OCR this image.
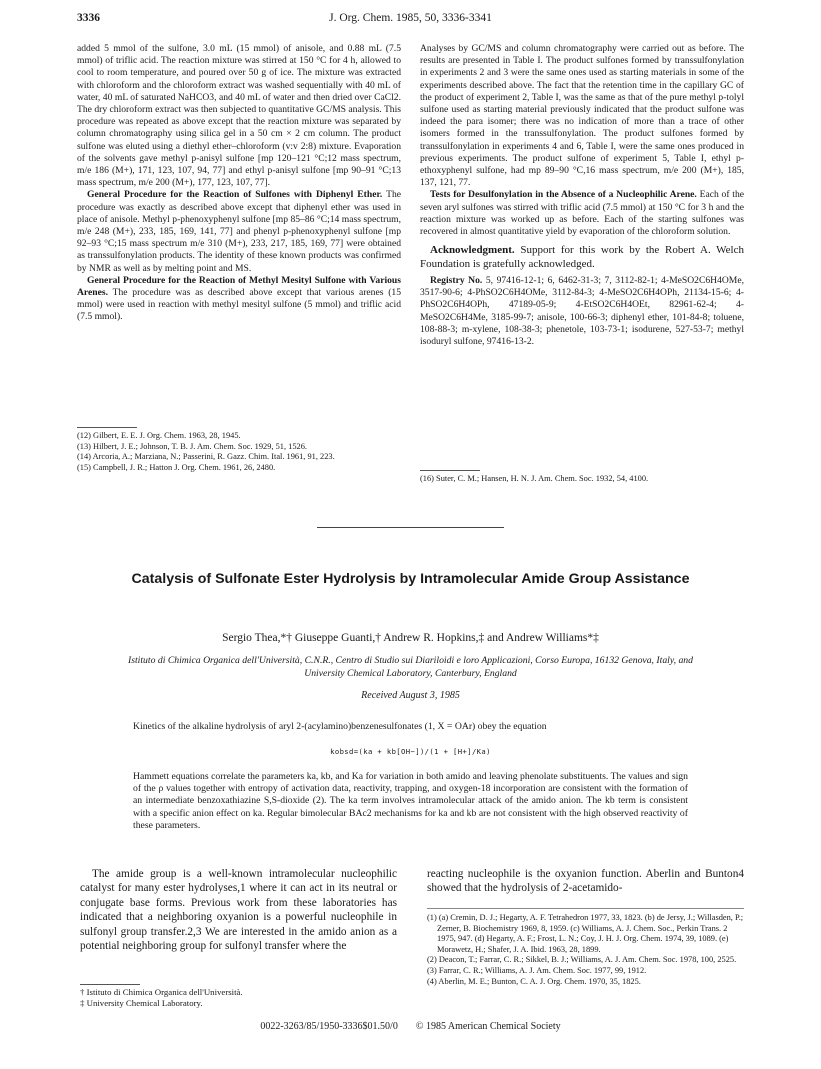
3336	J. Org. Chem. 1985, 50, 3336-3341

added 5 mmol of the sulfone, 3.0 mL (15 mmol) of anisole, and 0.88 mL (7.5 mmol) of triflic acid. The reaction mixture was stirred at 150 °C for 4 h, allowed to cool to room temperature, and poured over 50 g of ice. The mixture was extracted with chloroform and the chloroform extract was washed sequentially with 40 mL of water, 40 mL of saturated NaHCO3, and 40 mL of water and then dried over CaCl2. The dry chloroform extract was then subjected to quantitative GC/MS analysis. This procedure was repeated as above except that the reaction mixture was separated by column chromatography using silica gel in a 50 cm × 2 cm column. The product sulfone was eluted using a diethyl ether–chloroform (v:v 2:8) mixture. Evaporation of the solvents gave methyl p-anisyl sulfone [mp 120–121 °C;12 mass spectrum, m/e 186 (M+), 171, 123, 107, 94, 77] and ethyl p-anisyl sulfone [mp 90–91 °C;13 mass spectrum, m/e 200 (M+), 177, 123, 107, 77].

General Procedure for the Reaction of Sulfones with Diphenyl Ether. The procedure was exactly as described above except that diphenyl ether was used in place of anisole. Methyl p-phenoxyphenyl sulfone [mp 85–86 °C;14 mass spectrum, m/e 248 (M+), 233, 185, 169, 141, 77] and phenyl p-phenoxyphenyl sulfone [mp 92–93 °C;15 mass spectrum m/e 310 (M+), 233, 217, 185, 169, 77] were obtained as transsulfonylation products. The identity of these known products was confirmed by NMR as well as by melting point and MS.

General Procedure for the Reaction of Methyl Mesityl Sulfone with Various Arenes. The procedure was as described above except that various arenes (15 mmol) were used in reaction with methyl mesityl sulfone (5 mmol) and triflic acid (7.5 mmol).

(12) Gilbert, E. E. J. Org. Chem. 1963, 28, 1945.
(13) Hilbert, J. E.; Johnson, T. B. J. Am. Chem. Soc. 1929, 51, 1526.
(14) Arcoria, A.; Marziana, N.; Passerini, R. Gazz. Chim. Ital. 1961, 91, 223.
(15) Campbell, J. R.; Hatton J. Org. Chem. 1961, 26, 2480.

Analyses by GC/MS and column chromatography were carried out as before. The results are presented in Table I. The product sulfones formed by transsulfonylation in experiments 2 and 3 were the same ones used as starting materials in some of the experiments described above. The fact that the retention time in the capillary GC of the product of experiment 2, Table I, was the same as that of the pure methyl p-tolyl sulfone used as starting material previously indicated that the product sulfone was indeed the para isomer; there was no indication of more than a trace of other isomers formed in the transsulfonylation. The product sulfones formed by transsulfonylation in experiments 4 and 6, Table I, were the same ones produced in previous experiments. The product sulfone of experiment 5, Table I, ethyl p-ethoxyphenyl sulfone, had mp 89–90 °C,16 mass spectrum, m/e 200 (M+), 185, 137, 121, 77.

Tests for Desulfonylation in the Absence of a Nucleophilic Arene. Each of the seven aryl sulfones was stirred with triflic acid (7.5 mmol) at 150 °C for 3 h and the reaction mixture was worked up as before. Each of the starting sulfones was recovered in almost quantitative yield by evaporation of the chloroform solution.

Acknowledgment. Support for this work by the Robert A. Welch Foundation is gratefully acknowledged.

Registry No. 5, 97416-12-1; 6, 6462-31-3; 7, 3112-82-1; 4-MeSO2C6H4OMe, 3517-90-6; 4-PhSO2C6H4OMe, 3112-84-3; 4-MeSO2C6H4OPh, 21134-15-6; 4-PhSO2C6H4OPh, 47189-05-9; 4-EtSO2C6H4OEt, 82961-62-4; 4-MeSO2C6H4Me, 3185-99-7; anisole, 100-66-3; diphenyl ether, 101-84-8; toluene, 108-88-3; m-xylene, 108-38-3; phenetole, 103-73-1; isodurene, 527-53-7; methyl isoduryl sulfone, 97416-13-2.

(16) Suter, C. M.; Hansen, H. N. J. Am. Chem. Soc. 1932, 54, 4100.
Catalysis of Sulfonate Ester Hydrolysis by Intramolecular Amide Group Assistance
Sergio Thea,*† Giuseppe Guanti,† Andrew R. Hopkins,‡ and Andrew Williams*‡
Istituto di Chimica Organica dell'Università, C.N.R., Centro di Studio sui Diariloidi e loro Applicazioni, Corso Europa, 16132 Genova, Italy, and University Chemical Laboratory, Canterbury, England
Received August 3, 1985
Kinetics of the alkaline hydrolysis of aryl 2-(acylamino)benzenesulfonates (1, X = OAr) obey the equation
kobsd=(ka + kb[OH−])/(1 + [H+]/Ka)
Hammett equations correlate the parameters ka, kb, and Ka for variation in both amido and leaving phenolate substituents. The values and sign of the ρ values together with entropy of activation data, reactivity, trapping, and oxygen-18 incorporation are consistent with the formation of an intermediate benzoxathiazine S,S-dioxide (2). The ka term involves intramolecular attack of the amido anion. The kb term is consistent with a specific anion effect on ka. Regular bimolecular BAc2 mechanisms for ka and kb are not consistent with the high observed reactivity of these parameters.

The amide group is a well-known intramolecular nucleophilic catalyst for many ester hydrolyses,1 where it can act in its neutral or conjugate base forms. Previous work from these laboratories has indicated that a neighboring oxyanion is a powerful nucleophile in sulfonyl group transfer.2,3 We are interested in the amido anion as a potential neighboring group for sulfonyl transfer where the

reacting nucleophile is the oxyanion function. Aberlin and Bunton4 showed that the hydrolysis of 2-acetamido-

† Istituto di Chimica Organica dell'Università.
‡ University Chemical Laboratory.
(1) (a) Cremin, D. J.; Hegarty, A. F. Tetrahedron 1977, 33, 1823. (b) de Jersy, J.; Willasden, P.; Zerner, B. Biochemistry 1969, 8, 1959. (c) Williams, A. J. Chem. Soc., Perkin Trans. 2 1975, 947. (d) Hegarty, A. F.; Frost, L. N.; Coy, J. H. J. Org. Chem. 1974, 39, 1089. (e) Morawetz, H.; Shafer, J. A. Ibid. 1963, 28, 1899.
(2) Deacon, T.; Farrar, C. R.; Sikkel, B. J.; Williams, A. J. Am. Chem. Soc. 1978, 100, 2525.
(3) Farrar, C. R.; Williams, A. J. Am. Chem. Soc. 1977, 99, 1912.
(4) Aberlin, M. E.; Bunton, C. A. J. Org. Chem. 1970, 35, 1825.
0022-3263/85/1950-3336$01.50/0 © 1985 American Chemical Society
